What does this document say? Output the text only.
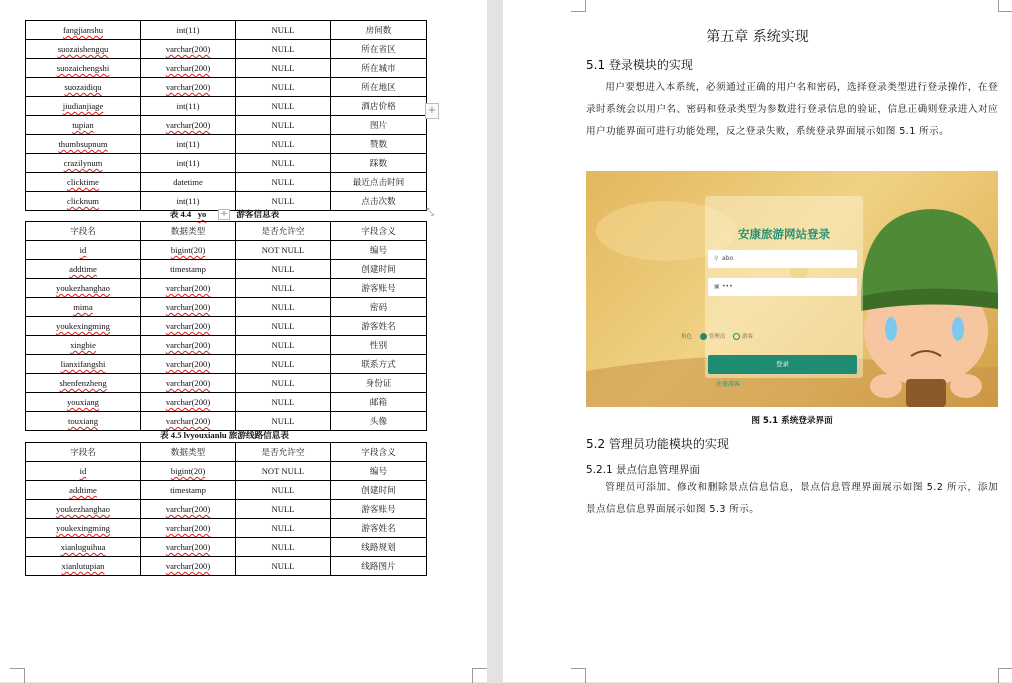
fangjianshu	int(11)	NULL	房间数
suozaishengqu	varchar(200)	NULL	所在省区
suozaichengshi	varchar(200)	NULL	所在城市
suozaidiqu	varchar(200)	NULL	所在地区
jiudianjiage	int(11)	NULL	酒店价格
tupian	varchar(200)	NULL	图片
thumbsupnum	int(11)	NULL	赞数
crazilynum	int(11)	NULL	踩数
clicktime	datetime	NULL	最近点击时间
clicknum	int(11)	NULL	点击次数
表 4.4 yo	游客信息表
+
+
⤡
字段名	数据类型	是否允许空	字段含义
id	bigint(20)	NOT NULL	编号
addtime	timestamp	NULL	创建时间
youkezhanghao	varchar(200)	NULL	游客账号
mima	varchar(200)	NULL	密码
youkexingming	varchar(200)	NULL	游客姓名
xingbie	varchar(200)	NULL	性别
lianxifangshi	varchar(200)	NULL	联系方式
shenfenzheng	varchar(200)	NULL	身份证
youxiang	varchar(200)	NULL	邮箱
touxiang	varchar(200)	NULL	头像
表 4.5 lvyouxianlu 旅游线路信息表
字段名	数据类型	是否允许空	字段含义
id	bigint(20)	NOT NULL	编号
addtime	timestamp	NULL	创建时间
youkezhanghao	varchar(200)	NULL	游客账号
youkexingming	varchar(200)	NULL	游客姓名
xianluguihua	varchar(200)	NULL	线路规划
xianlutupian	varchar(200)	NULL	线路图片
第五章 系统实现
5.1 登录模块的实现
用户要想进入本系统，必须通过正确的用户名和密码，选择登录类型进行登录操作，在登录时系统会以用户名、密码和登录类型为参数进行登录信息的验证，信息正确则登录进入对应用户功能界面可进行功能处理，反之登录失败，系统登录界面展示如图 5.1 所示。
安康旅游网站登录
⚲ abo
▣ •••
角色	管理员	游客
登录
注册游客
图 5.1 系统登录界面
5.2 管理员功能模块的实现
5.2.1 景点信息管理界面
管理员可添加、修改和删除景点信息信息，景点信息管理界面展示如图 5.2 所示，添加景点信息信息界面展示如图 5.3 所示。
